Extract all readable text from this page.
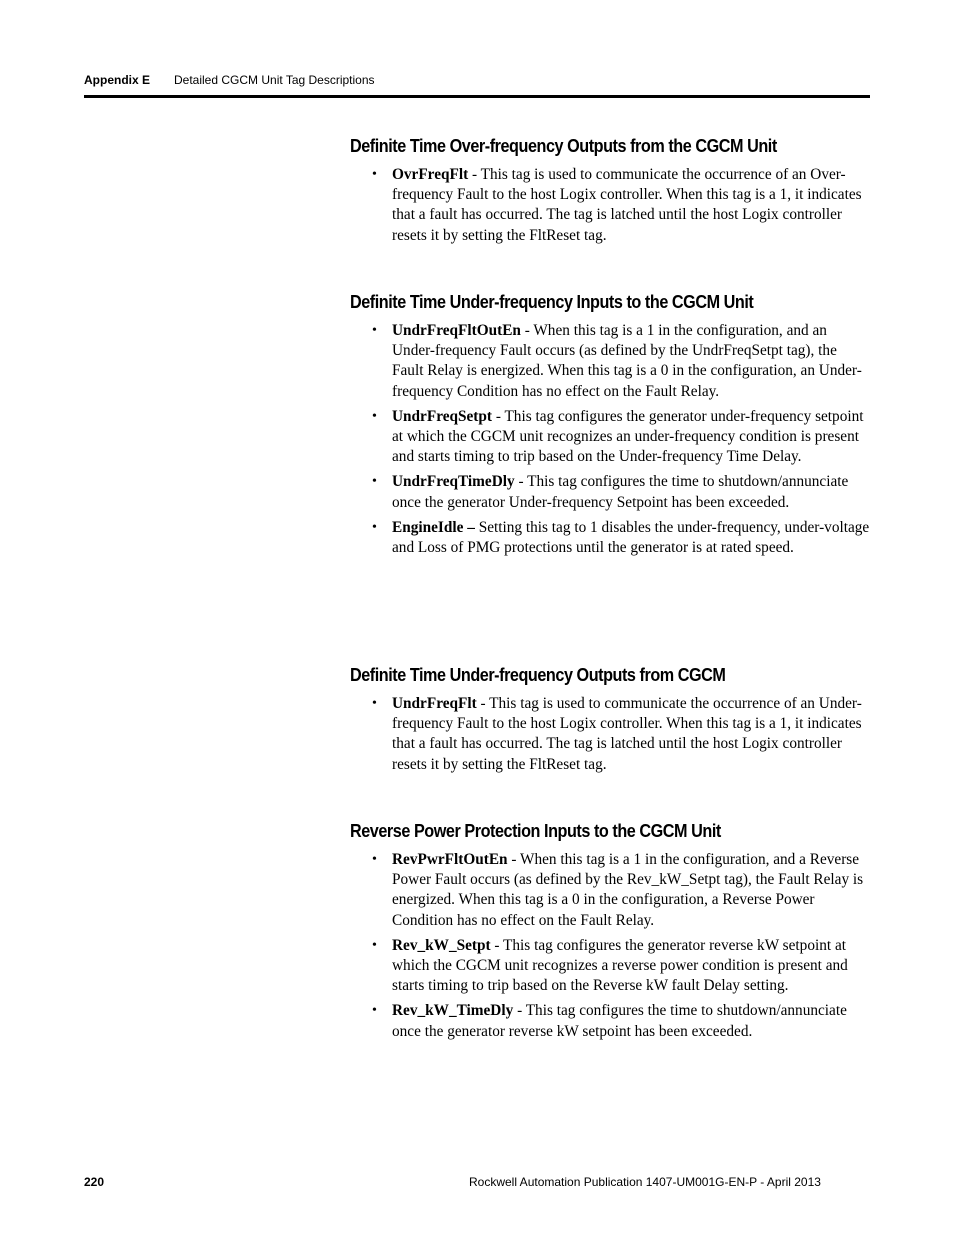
Appendix E Detailed CGCM Unit Tag Descriptions
Definite Time Over-frequency Outputs from the CGCM Unit
• OvrFreqFlt - This tag is used to communicate the occurrence of an Over-frequency Fault to the host Logix controller. When this tag is a 1, it indicates that a fault has occurred. The tag is latched until the host Logix controller resets it by setting the FltReset tag.
Definite Time Under-frequency Inputs to the CGCM Unit
• UndrFreqFltOutEn - When this tag is a 1 in the configuration, and an Under-frequency Fault occurs (as defined by the UndrFreqSetpt tag), the Fault Relay is energized. When this tag is a 0 in the configuration, an Under-frequency Condition has no effect on the Fault Relay.
• UndrFreqSetpt - This tag configures the generator under-frequency setpoint at which the CGCM unit recognizes an under-frequency condition is present and starts timing to trip based on the Under-frequency Time Delay.
• UndrFreqTimeDly - This tag configures the time to shutdown/annunciate once the generator Under-frequency Setpoint has been exceeded.
• EngineIdle – Setting this tag to 1 disables the under-frequency, under-voltage and Loss of PMG protections until the generator is at rated speed.
Definite Time Under-frequency Outputs from CGCM
• UndrFreqFlt - This tag is used to communicate the occurrence of an Under-frequency Fault to the host Logix controller. When this tag is a 1, it indicates that a fault has occurred. The tag is latched until the host Logix controller resets it by setting the FltReset tag.
Reverse Power Protection Inputs to the CGCM Unit
• RevPwrFltOutEn - When this tag is a 1 in the configuration, and a Reverse Power Fault occurs (as defined by the Rev_kW_Setpt tag), the Fault Relay is energized. When this tag is a 0 in the configuration, a Reverse Power Condition has no effect on the Fault Relay.
• Rev_kW_Setpt - This tag configures the generator reverse kW setpoint at which the CGCM unit recognizes a reverse power condition is present and starts timing to trip based on the Reverse kW fault Delay setting.
• Rev_kW_TimeDly - This tag configures the time to shutdown/annunciate once the generator reverse kW setpoint has been exceeded.
220	Rockwell Automation Publication 1407-UM001G-EN-P - April 2013
